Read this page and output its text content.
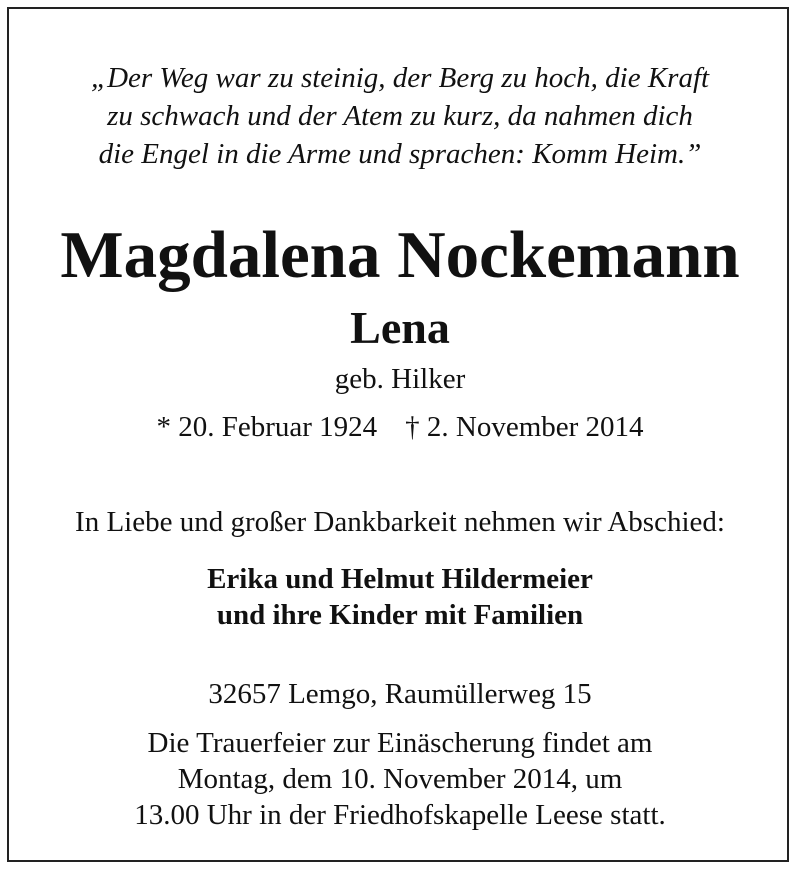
„Der Weg war zu steinig, der Berg zu hoch, die Kraft
zu schwach und der Atem zu kurz, da nahmen dich
die Engel in die Arme und sprachen: Komm Heim.”
Magdalena Nockemann
Lena
geb. Hilker
* 20. Februar 1924 † 2. November 2014
In Liebe und großer Dankbarkeit nehmen wir Abschied:
Erika und Helmut Hildermeier
und ihre Kinder mit Familien
32657 Lemgo, Raumüllerweg 15
Die Trauerfeier zur Einäscherung findet am
Montag, dem 10. November 2014, um
13.00 Uhr in der Friedhofskapelle Leese statt.
